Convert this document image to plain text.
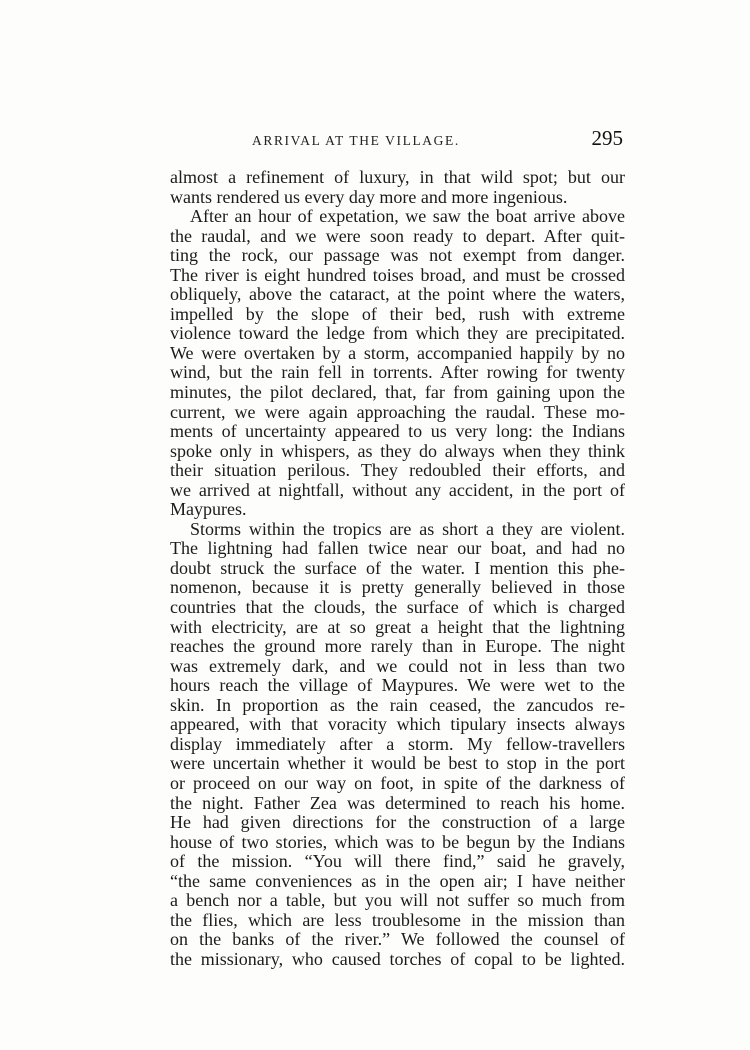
ARRIVAL AT THE VILLAGE.	295
almost a refinement of luxury, in that wild spot; but our
wants rendered us every day more and more ingenious.
After an hour of expetation, we saw the boat arrive above
the raudal, and we were soon ready to depart. After quit-
ting the rock, our passage was not exempt from danger.
The river is eight hundred toises broad, and must be crossed
obliquely, above the cataract, at the point where the waters,
impelled by the slope of their bed, rush with extreme
violence toward the ledge from which they are precipitated.
We were overtaken by a storm, accompanied happily by no
wind, but the rain fell in torrents. After rowing for twenty
minutes, the pilot declared, that, far from gaining upon the
current, we were again approaching the raudal. These mo-
ments of uncertainty appeared to us very long: the Indians
spoke only in whispers, as they do always when they think
their situation perilous. They redoubled their efforts, and
we arrived at nightfall, without any accident, in the port of
Maypures.
Storms within the tropics are as short a they are violent.
The lightning had fallen twice near our boat, and had no
doubt struck the surface of the water. I mention this phe-
nomenon, because it is pretty generally believed in those
countries that the clouds, the surface of which is charged
with electricity, are at so great a height that the lightning
reaches the ground more rarely than in Europe. The night
was extremely dark, and we could not in less than two
hours reach the village of Maypures. We were wet to the
skin. In proportion as the rain ceased, the zancudos re-
appeared, with that voracity which tipulary insects always
display immediately after a storm. My fellow-travellers
were uncertain whether it would be best to stop in the port
or proceed on our way on foot, in spite of the darkness of
the night. Father Zea was determined to reach his home.
He had given directions for the construction of a large
house of two stories, which was to be begun by the Indians
of the mission. “You will there find,” said he gravely,
“the same conveniences as in the open air; I have neither
a bench nor a table, but you will not suffer so much from
the flies, which are less troublesome in the mission than
on the banks of the river.” We followed the counsel of
the missionary, who caused torches of copal to be lighted.
